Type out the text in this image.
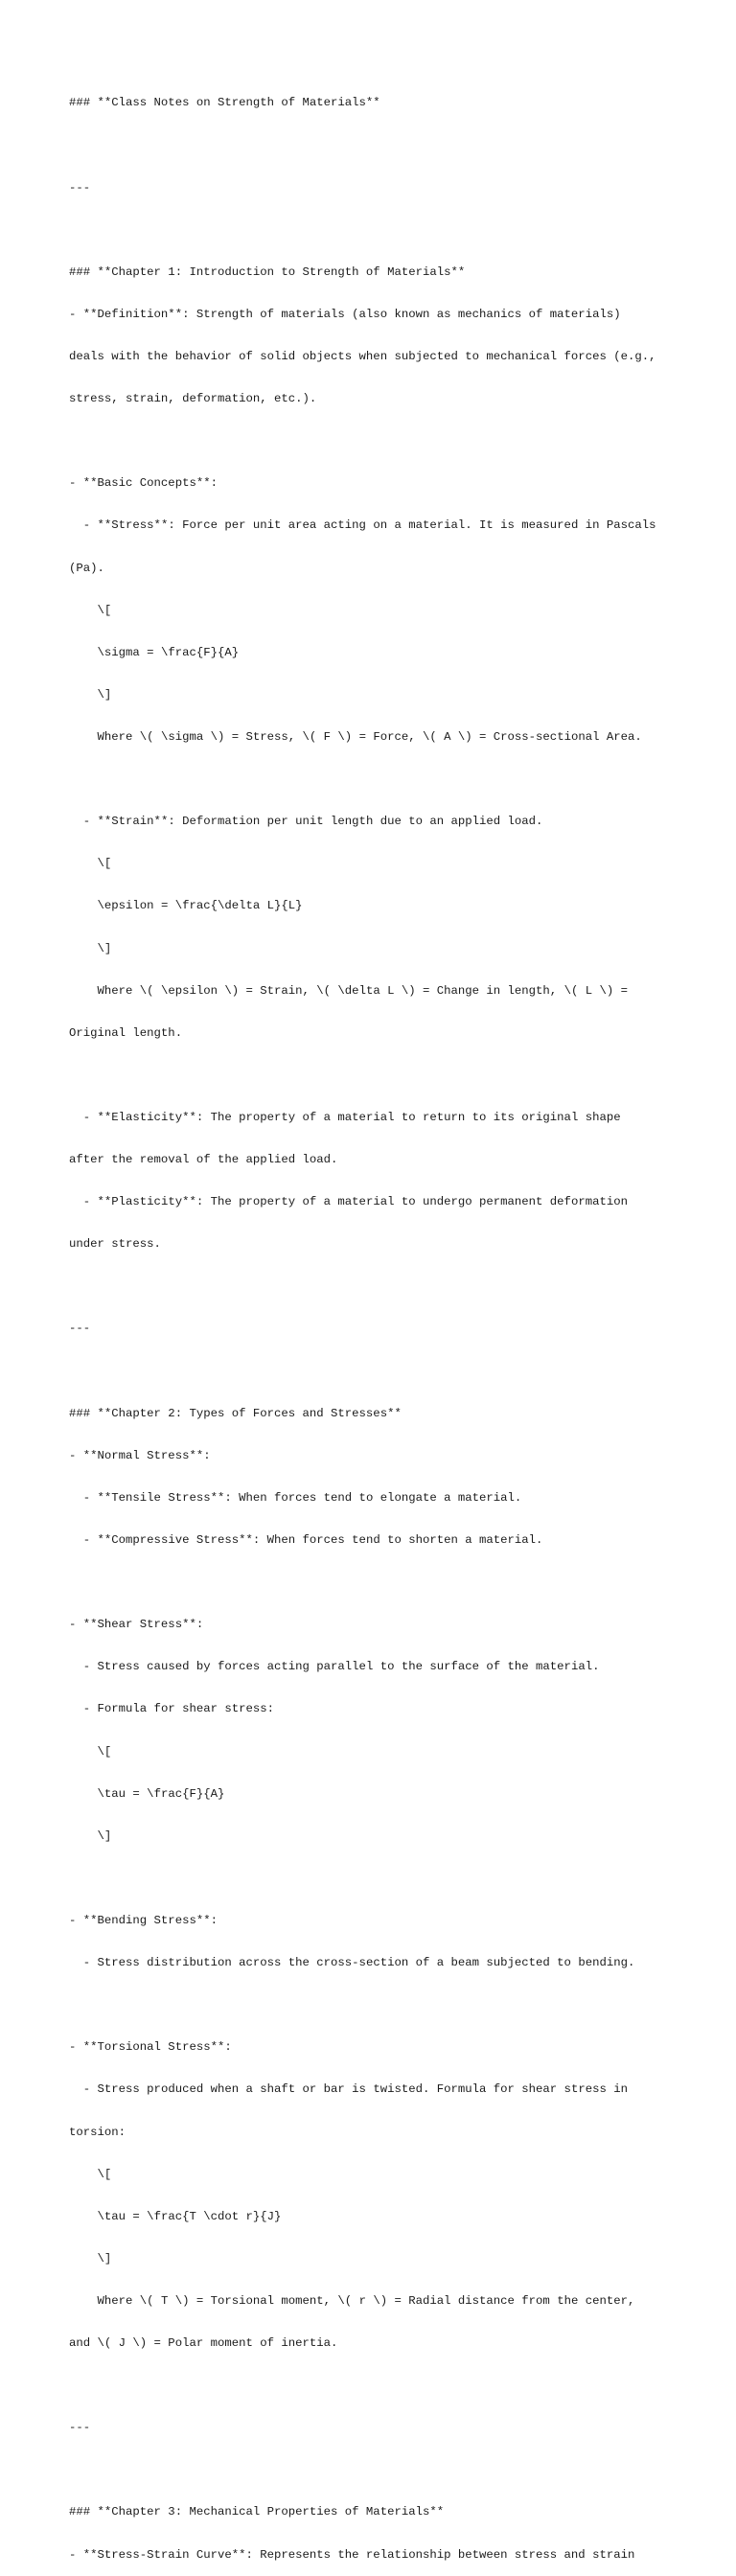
### **Class Notes on Strength of Materials**

---

### **Chapter 1: Introduction to Strength of Materials**

- **Definition**: Strength of materials (also known as mechanics of materials)

deals with the behavior of solid objects when subjected to mechanical forces (e.g.,

stress, strain, deformation, etc.).

- **Basic Concepts**:

- **Stress**: Force per unit area acting on a material. It is measured in Pascals

(Pa).

\[

\sigma = \frac{F}{A}

\]

Where \( \sigma \) = Stress, \( F \) = Force, \( A \) = Cross-sectional Area.

- **Strain**: Deformation per unit length due to an applied load.

\[

\epsilon = \frac{\delta L}{L}

\]

Where \( \epsilon \) = Strain, \( \delta L \) = Change in length, \( L \) =

Original length.

- **Elasticity**: The property of a material to return to its original shape

after the removal of the applied load.

- **Plasticity**: The property of a material to undergo permanent deformation

under stress.

---

### **Chapter 2: Types of Forces and Stresses**

- **Normal Stress**:

- **Tensile Stress**: When forces tend to elongate a material.

- **Compressive Stress**: When forces tend to shorten a material.

- **Shear Stress**:

- Stress caused by forces acting parallel to the surface of the material.

- Formula for shear stress:

\[

\tau = \frac{F}{A}

\]

- **Bending Stress**:

- Stress distribution across the cross-section of a beam subjected to bending.

- **Torsional Stress**:

- Stress produced when a shaft or bar is twisted. Formula for shear stress in

torsion:

\[

\tau = \frac{T \cdot r}{J}

\]

Where \( T \) = Torsional moment, \( r \) = Radial distance from the center,

and \( J \) = Polar moment of inertia.

---

### **Chapter 3: Mechanical Properties of Materials**

- **Stress-Strain Curve**: Represents the relationship between stress and strain
